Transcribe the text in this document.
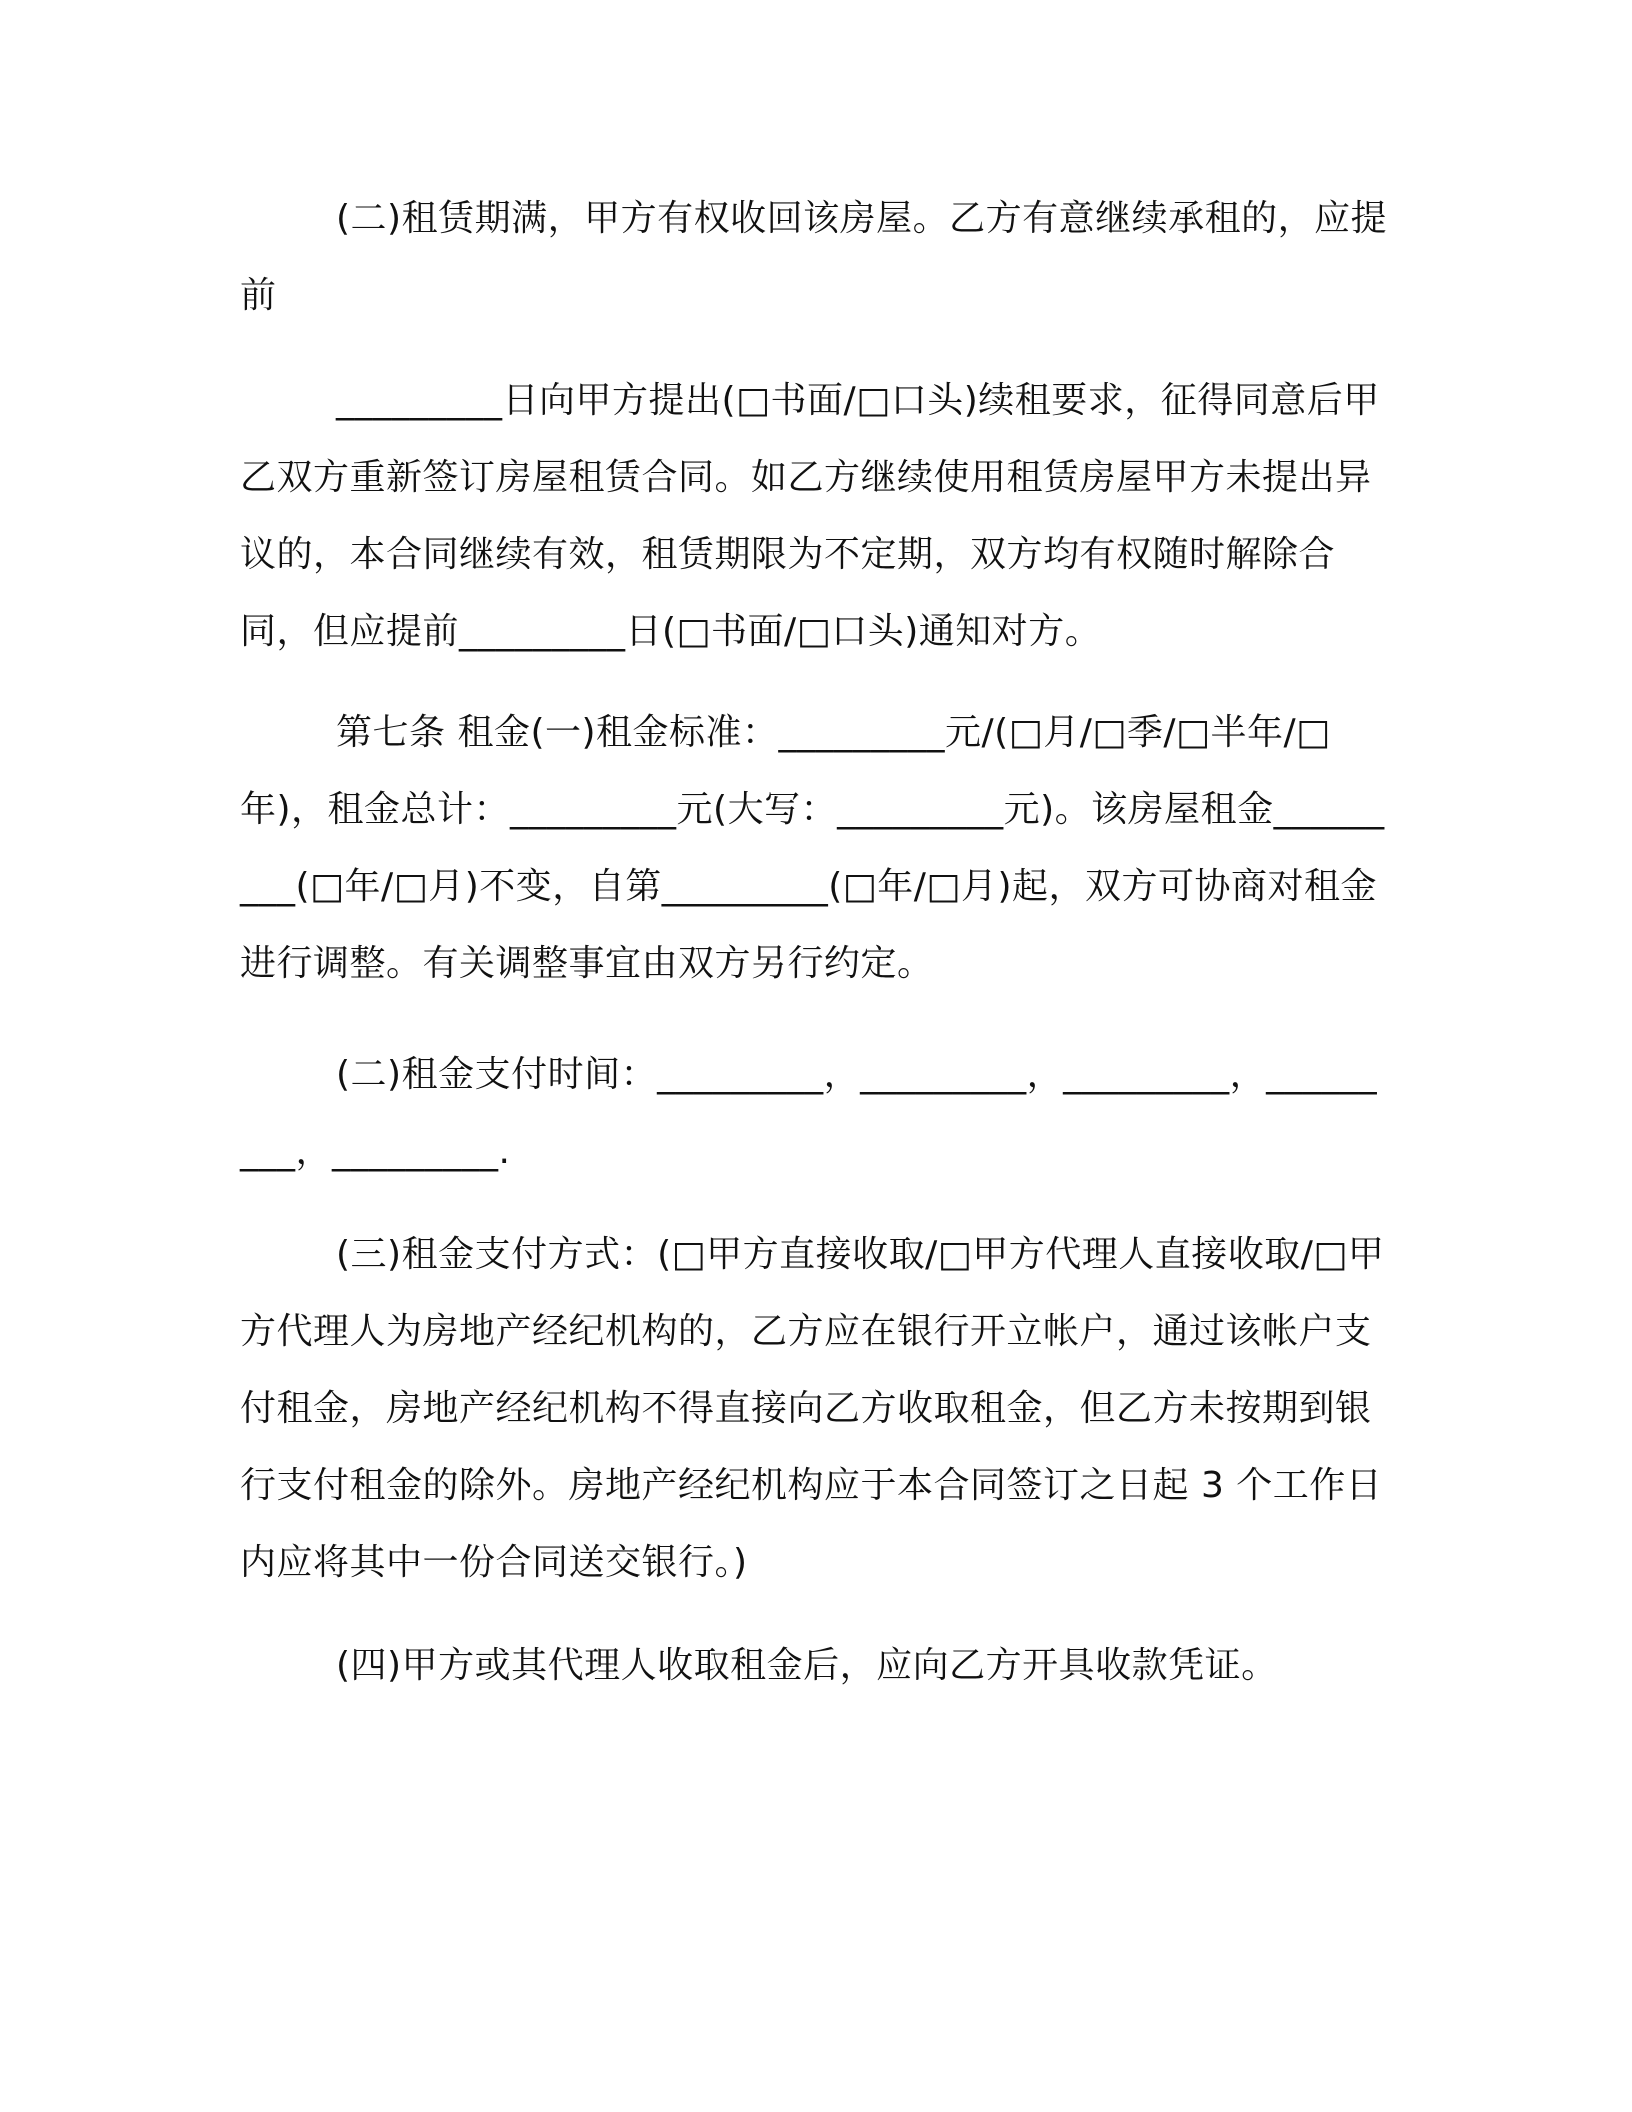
(二)租赁期满，甲方有权收回该房屋。乙方有意继续承租的，应提前

_________日向甲方提出(□书面/□口头)续租要求，征得同意后甲乙双方重新签订房屋租赁合同。如乙方继续使用租赁房屋甲方未提出异议的，本合同继续有效，租赁期限为不定期，双方均有权随时解除合同，但应提前_________日(□书面/□口头)通知对方。

第七条 租金(一)租金标准：_________元/(□月/□季/□半年/□年)，租金总计：_________元(大写：_________元)。该房屋租金_________(□年/□月)不变，自第_________(□年/□月)起，双方可协商对租金进行调整。有关调整事宜由双方另行约定。

(二)租金支付时间：_________，_________，_________，_________，_________.

(三)租金支付方式：(□甲方直接收取/□甲方代理人直接收取/□甲方代理人为房地产经纪机构的，乙方应在银行开立帐户，通过该帐户支付租金，房地产经纪机构不得直接向乙方收取租金，但乙方未按期到银行支付租金的除外。房地产经纪机构应于本合同签订之日起 3 个工作日内应将其中一份合同送交银行。)

(四)甲方或其代理人收取租金后，应向乙方开具收款凭证。
